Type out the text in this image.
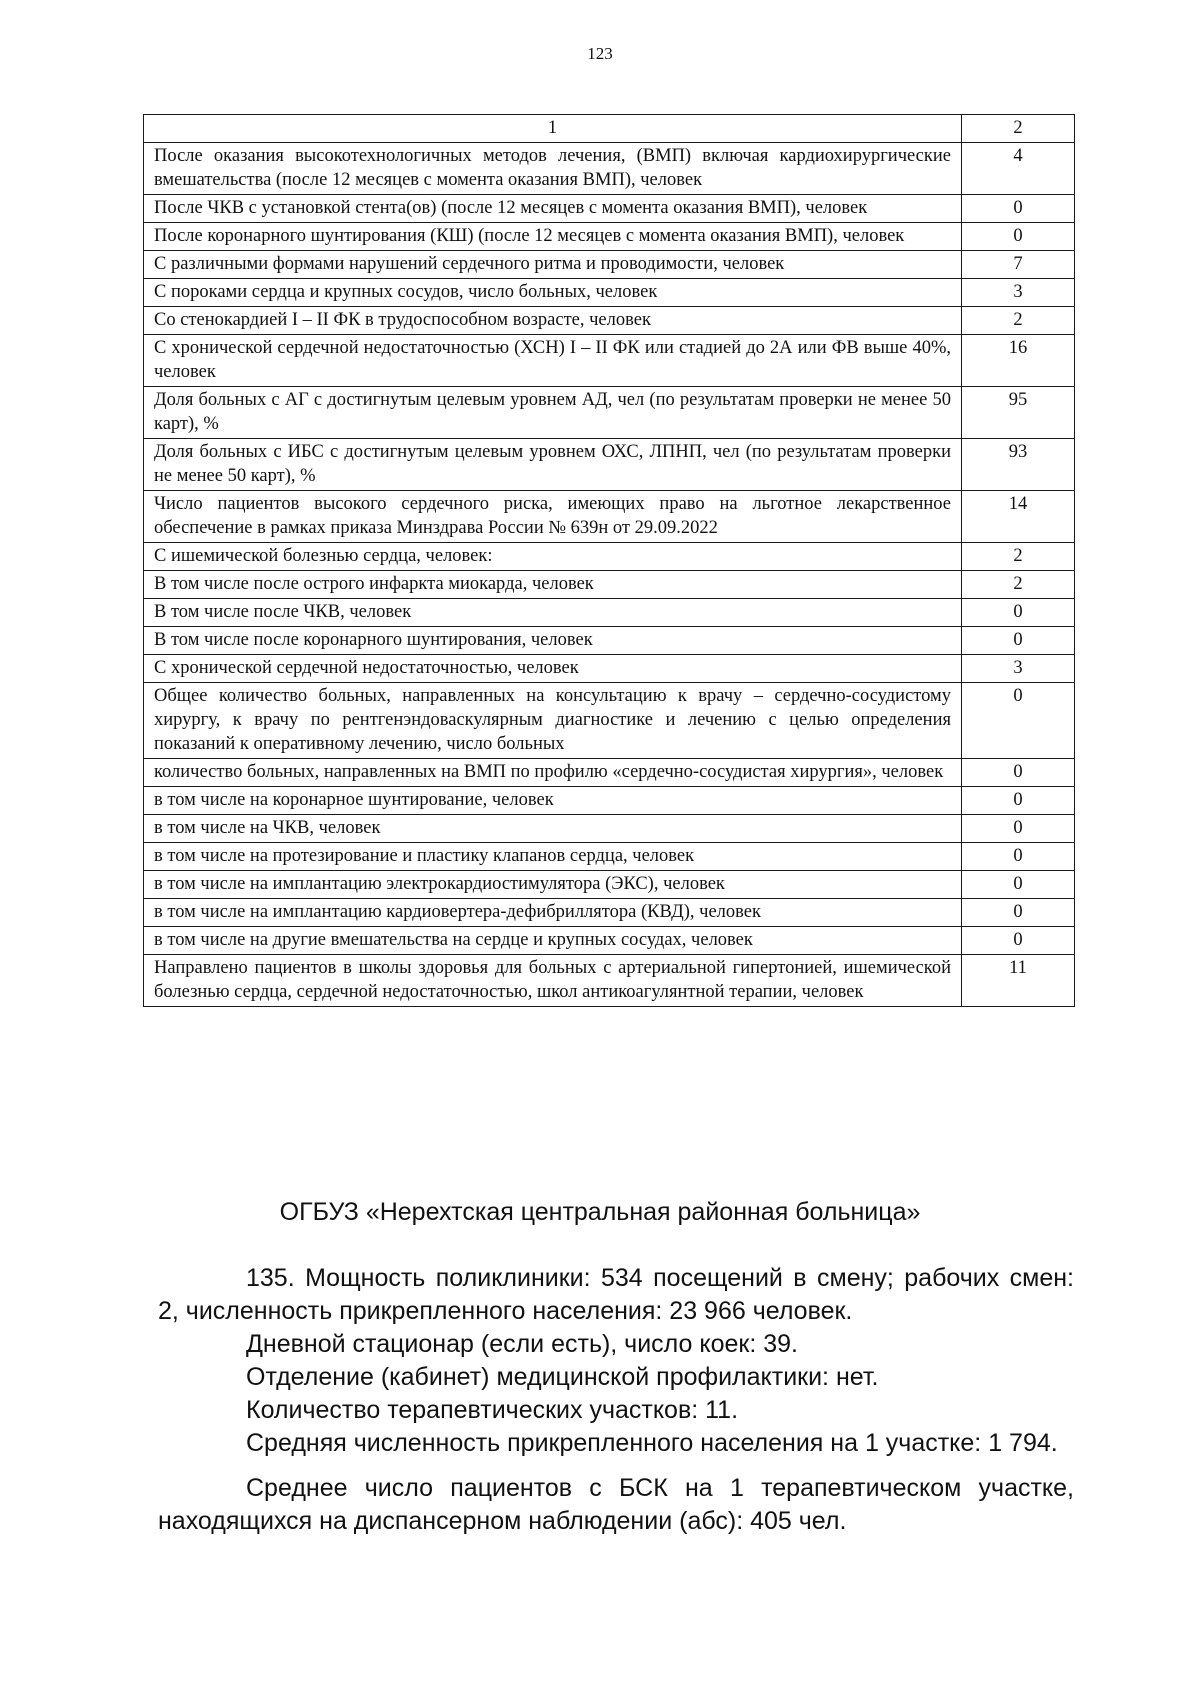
123
1	2
После оказания высокотехнологичных методов лечения, (ВМП) включая кардиохирургические вмешательства (после 12 месяцев с момента оказания ВМП), человек	4
После ЧКВ с установкой стента(ов) (после 12 месяцев с момента оказания ВМП), человек	0
После коронарного шунтирования (КШ) (после 12 месяцев с момента оказания ВМП), человек	0
С различными формами нарушений сердечного ритма и проводимости, человек	7
С пороками сердца и крупных сосудов, число больных, человек	3
Со стенокардией I – II ФК в трудоспособном возрасте, человек	2
С хронической сердечной недостаточностью (ХСН) I – II ФК или стадией до 2А или ФВ выше 40%, человек	16
Доля больных с АГ с достигнутым целевым уровнем АД, чел (по результатам проверки не менее 50 карт), %	95
Доля больных с ИБС с достигнутым целевым уровнем ОХС, ЛПНП, чел (по результатам проверки не менее 50 карт), %	93
Число пациентов высокого сердечного риска, имеющих право на льготное лекарственное обеспечение в рамках приказа Минздрава России № 639н от 29.09.2022	14
С ишемической болезнью сердца, человек:	2
В том числе после острого инфаркта миокарда, человек	2
В том числе после ЧКВ, человек	0
В том числе после коронарного шунтирования, человек	0
С хронической сердечной недостаточностью, человек	3
Общее количество больных, направленных на консультацию к врачу – сердечно-сосудистому хирургу, к врачу по рентгенэндоваскулярным диагностике и лечению с целью определения показаний к оперативному лечению, число больных	0
количество больных, направленных на ВМП по профилю «сердечно-сосудистая хирургия», человек	0
в том числе на коронарное шунтирование, человек	0
в том числе на ЧКВ, человек	0
в том числе на протезирование и пластику клапанов сердца, человек	0
в том числе на имплантацию электрокардиостимулятора (ЭКС), человек	0
в том числе на имплантацию кардиовертера-дефибриллятора (КВД), человек	0
в том числе на другие вмешательства на сердце и крупных сосудах, человек	0
Направлено пациентов в школы здоровья для больных с артериальной гипертонией, ишемической болезнью сердца, сердечной недостаточностью, школ антикоагулянтной терапии, человек	11
ОГБУЗ «Нерехтская центральная районная больница»

135. Мощность поликлиники: 534 посещений в смену; рабочих смен: 2, численность прикрепленного населения: 23 966 человек.

Дневной стационар (если есть), число коек: 39.

Отделение (кабинет) медицинской профилактики: нет.

Количество терапевтических участков: 11.

Средняя численность прикрепленного населения на 1 участке: 1 794.

Среднее число пациентов с БСК на 1 терапевтическом участке, находящихся на диспансерном наблюдении (абс): 405 чел.
